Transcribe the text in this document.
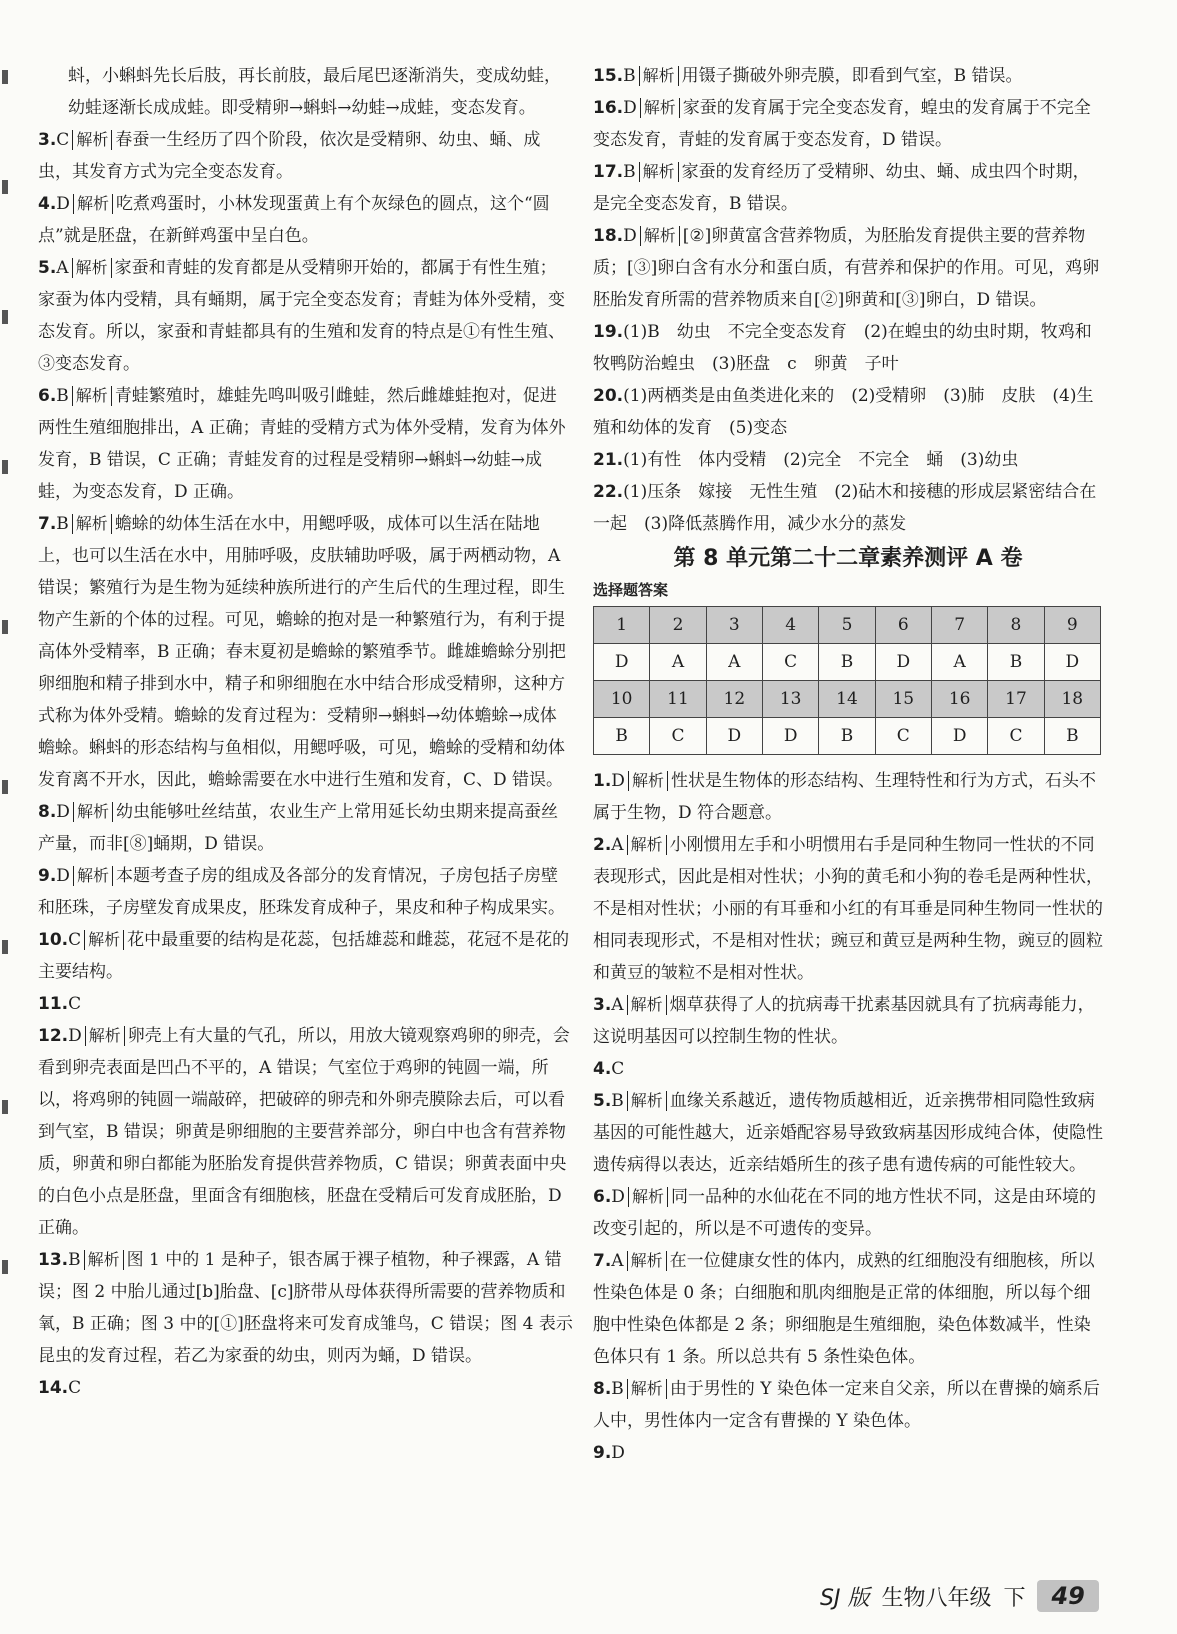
蚪，小蝌蚪先长后肢，再长前肢，最后尾巴逐渐消失，变成幼蛙，幼蛙逐渐长成成蛙。即受精卵→蝌蚪→幼蛙→成蛙，变态发育。

3.C 解析 春蚕一生经历了四个阶段，依次是受精卵、幼虫、蛹、成虫，其发育方式为完全变态发育。

4.D 解析 吃煮鸡蛋时，小林发现蛋黄上有个灰绿色的圆点，这个“圆点”就是胚盘，在新鲜鸡蛋中呈白色。

5.A 解析 家蚕和青蛙的发育都是从受精卵开始的，都属于有性生殖；家蚕为体内受精，具有蛹期，属于完全变态发育；青蛙为体外受精，变态发育。所以，家蚕和青蛙都具有的生殖和发育的特点是①有性生殖、③变态发育。

6.B 解析 青蛙繁殖时，雄蛙先鸣叫吸引雌蛙，然后雌雄蛙抱对，促进两性生殖细胞排出，A 正确；青蛙的受精方式为体外受精，发育为体外发育，B 错误，C 正确；青蛙发育的过程是受精卵→蝌蚪→幼蛙→成蛙，为变态发育，D 正确。

7.B 解析 蟾蜍的幼体生活在水中，用鳃呼吸，成体可以生活在陆地上，也可以生活在水中，用肺呼吸，皮肤辅助呼吸，属于两栖动物，A 错误；繁殖行为是生物为延续种族所进行的产生后代的生理过程，即生物产生新的个体的过程。可见，蟾蜍的抱对是一种繁殖行为，有利于提高体外受精率，B 正确；春末夏初是蟾蜍的繁殖季节。雌雄蟾蜍分别把卵细胞和精子排到水中，精子和卵细胞在水中结合形成受精卵，这种方式称为体外受精。蟾蜍的发育过程为：受精卵→蝌蚪→幼体蟾蜍→成体蟾蜍。蝌蚪的形态结构与鱼相似，用鳃呼吸，可见，蟾蜍的受精和幼体发育离不开水，因此，蟾蜍需要在水中进行生殖和发育，C、D 错误。

8.D 解析 幼虫能够吐丝结茧，农业生产上常用延长幼虫期来提高蚕丝产量，而非[⑧]蛹期，D 错误。

9.D 解析 本题考查子房的组成及各部分的发育情况，子房包括子房壁和胚珠，子房壁发育成果皮，胚珠发育成种子，果皮和种子构成果实。

10.C 解析 花中最重要的结构是花蕊，包括雄蕊和雌蕊，花冠不是花的主要结构。

11.C

12.D 解析 卵壳上有大量的气孔，所以，用放大镜观察鸡卵的卵壳，会看到卵壳表面是凹凸不平的，A 错误；气室位于鸡卵的钝圆一端，所以，将鸡卵的钝圆一端敲碎，把破碎的卵壳和外卵壳膜除去后，可以看到气室，B 错误；卵黄是卵细胞的主要营养部分，卵白中也含有营养物质，卵黄和卵白都能为胚胎发育提供营养物质，C 错误；卵黄表面中央的白色小点是胚盘，里面含有细胞核，胚盘在受精后可发育成胚胎，D 正确。

13.B 解析 图 1 中的 1 是种子，银杏属于裸子植物，种子裸露，A 错误；图 2 中胎儿通过[b]胎盘、[c]脐带从母体获得所需要的营养物质和氧，B 正确；图 3 中的[①]胚盘将来可发育成雏鸟，C 错误；图 4 表示昆虫的发育过程，若乙为家蚕的幼虫，则丙为蛹，D 错误。

14.C

15.B 解析 用镊子撕破外卵壳膜，即看到气室，B 错误。

16.D 解析 家蚕的发育属于完全变态发育，蝗虫的发育属于不完全变态发育，青蛙的发育属于变态发育，D 错误。

17.B 解析 家蚕的发育经历了受精卵、幼虫、蛹、成虫四个时期，是完全变态发育，B 错误。

18.D 解析 [②]卵黄富含营养物质，为胚胎发育提供主要的营养物质；[③]卵白含有水分和蛋白质，有营养和保护的作用。可见，鸡卵胚胎发育所需的营养物质来自[②]卵黄和[③]卵白，D 错误。

19.(1)B　幼虫　不完全变态发育　(2)在蝗虫的幼虫时期，牧鸡和牧鸭防治蝗虫　(3)胚盘　c　卵黄　子叶

20.(1)两栖类是由鱼类进化来的　(2)受精卵　(3)肺　皮肤　(4)生殖和幼体的发育　(5)变态

21.(1)有性　体内受精　(2)完全　不完全　蛹　(3)幼虫

22.(1)压条　嫁接　无性生殖　(2)砧木和接穗的形成层紧密结合在一起　(3)降低蒸腾作用，减少水分的蒸发

第 8 单元第二十二章素养测评 A 卷
选择题答案
1	2	3	4	5	6	7	8	9
D	A	A	C	B	D	A	B	D
10	11	12	13	14	15	16	17	18
B	C	D	D	B	C	D	C	B

1.D 解析 性状是生物体的形态结构、生理特性和行为方式，石头不属于生物，D 符合题意。

2.A 解析 小刚惯用左手和小明惯用右手是同种生物同一性状的不同表现形式，因此是相对性状；小狗的黄毛和小狗的卷毛是两种性状，不是相对性状；小丽的有耳垂和小红的有耳垂是同种生物同一性状的相同表现形式，不是相对性状；豌豆和黄豆是两种生物，豌豆的圆粒和黄豆的皱粒不是相对性状。

3.A 解析 烟草获得了人的抗病毒干扰素基因就具有了抗病毒能力，这说明基因可以控制生物的性状。

4.C

5.B 解析 血缘关系越近，遗传物质越相近，近亲携带相同隐性致病基因的可能性越大，近亲婚配容易导致致病基因形成纯合体，使隐性遗传病得以表达，近亲结婚所生的孩子患有遗传病的可能性较大。

6.D 解析 同一品种的水仙花在不同的地方性状不同，这是由环境的改变引起的，所以是不可遗传的变异。

7.A 解析 在一位健康女性的体内，成熟的红细胞没有细胞核，所以性染色体是 0 条；白细胞和肌肉细胞是正常的体细胞，所以每个细胞中性染色体都是 2 条；卵细胞是生殖细胞，染色体数减半，性染色体只有 1 条。所以总共有 5 条性染色体。

8.B 解析 由于男性的 Y 染色体一定来自父亲，所以在曹操的嫡系后人中，男性体内一定含有曹操的 Y 染色体。

9.D

SJ 版 生物八年级 下	49
